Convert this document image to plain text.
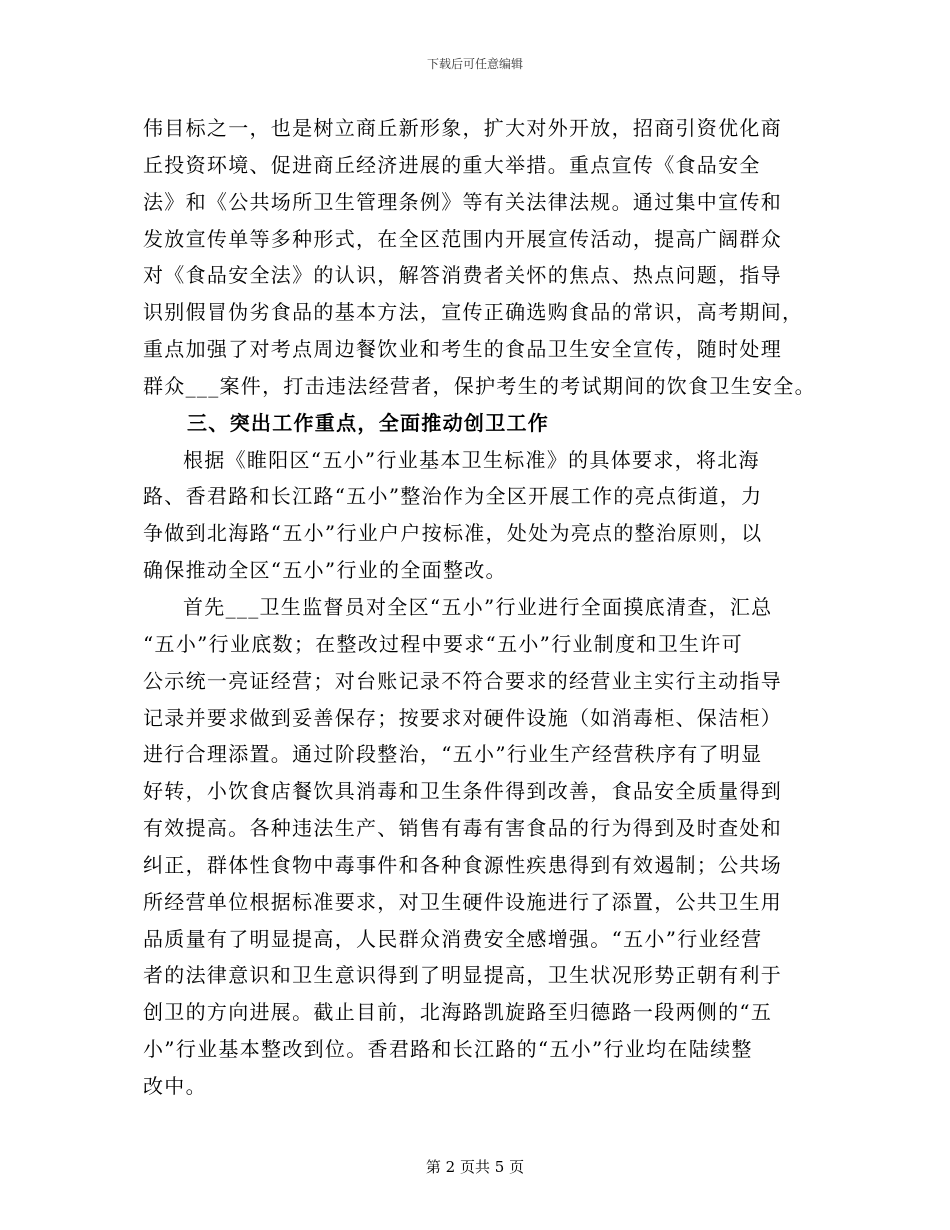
下载后可任意编辑
伟目标之一，也是树立商丘新形象，扩大对外开放，招商引资优化商
丘投资环境、促进商丘经济进展的重大举措。重点宣传《食品安全
法》和《公共场所卫生管理条例》等有关法律法规。通过集中宣传和
发放宣传单等多种形式，在全区范围内开展宣传活动，提高广阔群众
对《食品安全法》的认识，解答消费者关怀的焦点、热点问题，指导
识别假冒伪劣食品的基本方法，宣传正确选购食品的常识，高考期间，
重点加强了对考点周边餐饮业和考生的食品卫生安全宣传，随时处理
群众___案件，打击违法经营者，保护考生的考试期间的饮食卫生安全。
三、突出工作重点，全面推动创卫工作
根据《睢阳区“五小”行业基本卫生标准》的具体要求，将北海
路、香君路和长江路“五小”整治作为全区开展工作的亮点街道，力
争做到北海路“五小”行业户户按标准，处处为亮点的整治原则，以
确保推动全区“五小”行业的全面整改。
首先___卫生监督员对全区“五小”行业进行全面摸底清查，汇总
“五小”行业底数；在整改过程中要求“五小”行业制度和卫生许可
公示统一亮证经营；对台账记录不符合要求的经营业主实行主动指导
记录并要求做到妥善保存；按要求对硬件设施（如消毒柜、保洁柜）
进行合理添置。通过阶段整治，“五小”行业生产经营秩序有了明显
好转，小饮食店餐饮具消毒和卫生条件得到改善，食品安全质量得到
有效提高。各种违法生产、销售有毒有害食品的行为得到及时查处和
纠正，群体性食物中毒事件和各种食源性疾患得到有效遏制；公共场
所经营单位根据标准要求，对卫生硬件设施进行了添置，公共卫生用
品质量有了明显提高，人民群众消费安全感增强。“五小”行业经营
者的法律意识和卫生意识得到了明显提高，卫生状况形势正朝有利于
创卫的方向进展。截止目前，北海路凯旋路至归德路一段两侧的“五
小”行业基本整改到位。香君路和长江路的“五小”行业均在陆续整
改中。
第 2 页共 5 页
